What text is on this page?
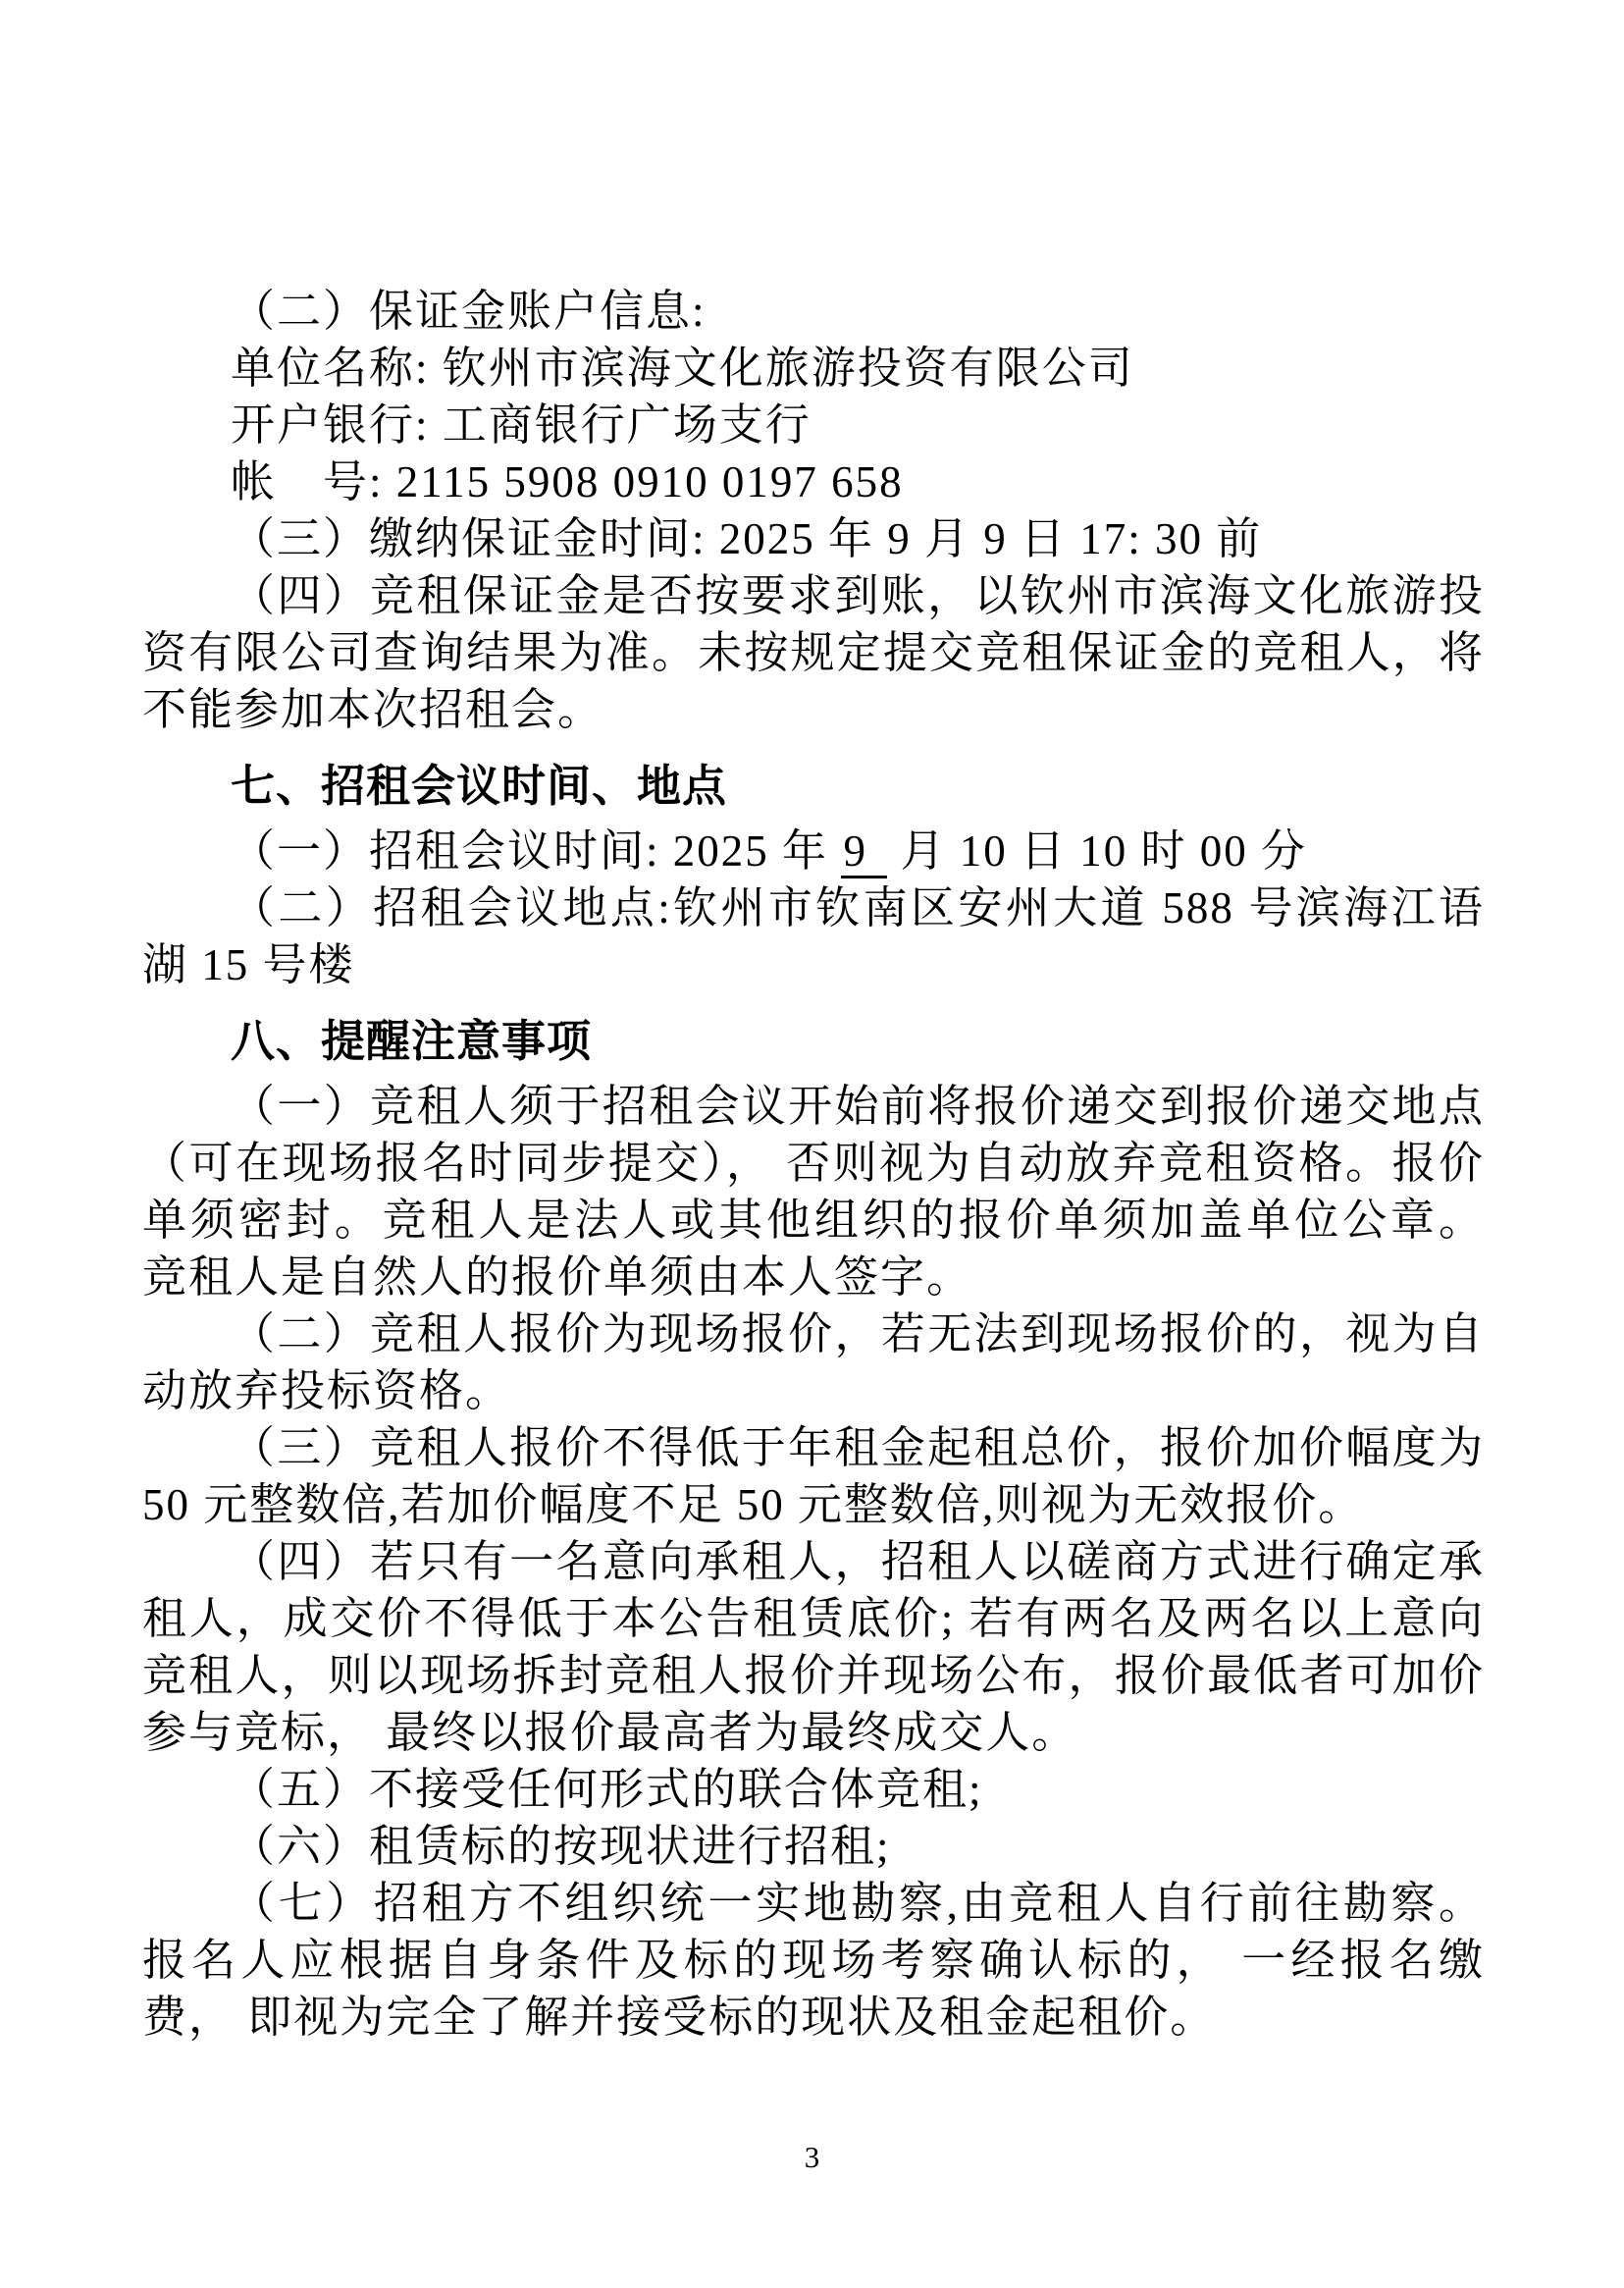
（二）保证金账户信息:

单位名称: 钦州市滨海文化旅游投资有限公司

开户银行: 工商银行广场支行

帐　号: 2115 5908 0910 0197 658

（三）缴纳保证金时间: 2025 年 9 月 9 日 17: 30 前

（四）竞租保证金是否按要求到账，以钦州市滨海文化旅游投资有限公司查询结果为准。未按规定提交竞租保证金的竞租人，将不能参加本次招租会。

七、招租会议时间、地点

（一）招租会议时间: 2025 年 9 月 10 日 10 时 00 分

（二）招租会议地点:钦州市钦南区安州大道 588 号滨海江语湖 15 号楼

八、提醒注意事项

（一）竞租人须于招租会议开始前将报价递交到报价递交地点（可在现场报名时同步提交）， 否则视为自动放弃竞租资格。报价单须密封。竞租人是法人或其他组织的报价单须加盖单位公章。 竞租人是自然人的报价单须由本人签字。

（二）竞租人报价为现场报价，若无法到现场报价的，视为自动放弃投标资格。

（三）竞租人报价不得低于年租金起租总价，报价加价幅度为 50 元整数倍,若加价幅度不足 50 元整数倍,则视为无效报价。

（四）若只有一名意向承租人，招租人以磋商方式进行确定承租人，成交价不得低于本公告租赁底价; 若有两名及两名以上意向竞租人，则以现场拆封竞租人报价并现场公布，报价最低者可加价参与竞标， 最终以报价最高者为最终成交人。

（五）不接受任何形式的联合体竞租;

（六）租赁标的按现状进行招租;

（七）招租方不组织统一实地勘察,由竞租人自行前往勘察。报名人应根据自身条件及标的现场考察确认标的， 一经报名缴费， 即视为完全了解并接受标的现状及租金起租价。

3
